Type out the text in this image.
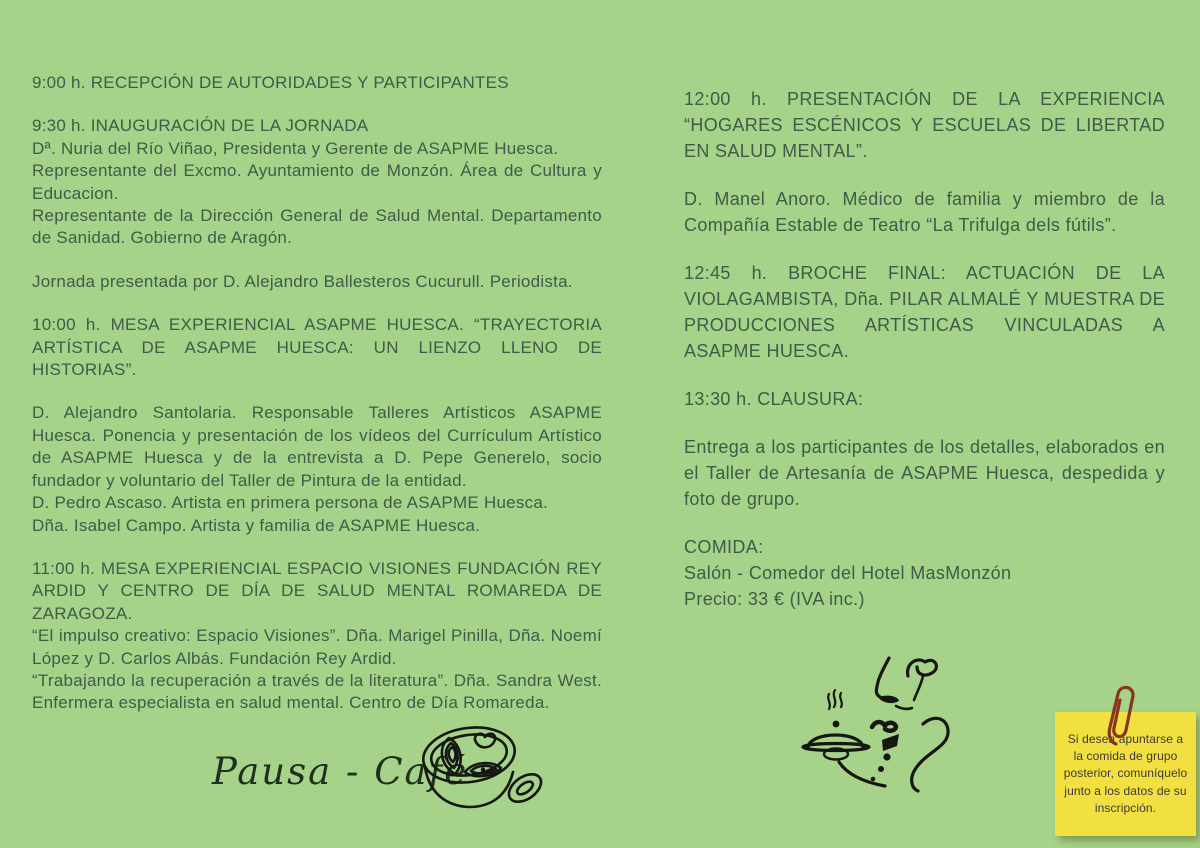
9:00 h. RECEPCIÓN DE AUTORIDADES Y PARTICIPANTES

9:30 h. INAUGURACIÓN DE LA JORNADA

Dª. Nuria del Río Viñao, Presidenta y Gerente de ASAPME Huesca.

Representante del Excmo. Ayuntamiento de Monzón. Área de Cultura y Educacion.

Representante de la Dirección General de Salud Mental. Departamento de Sanidad. Gobierno de Aragón.

Jornada presentada por D. Alejandro Ballesteros Cucurull. Periodista.

10:00 h. MESA EXPERIENCIAL ASAPME HUESCA. “TRAYECTORIA ARTÍSTICA DE ASAPME HUESCA: UN LIENZO LLENO DE HISTORIAS”.

D. Alejandro Santolaria. Responsable Talleres Artísticos ASAPME Huesca. Ponencia y presentación de los vídeos del Currículum Artístico de ASAPME Huesca y de la entrevista a D. Pepe Generelo, socio fundador y voluntario del Taller de Pintura de la entidad.

D. Pedro Ascaso. Artista en primera persona de ASAPME Huesca.

Dña. Isabel Campo. Artista y familia de ASAPME Huesca.

11:00 h. MESA EXPERIENCIAL ESPACIO VISIONES FUNDACIÓN REY ARDID Y CENTRO DE DÍA DE SALUD MENTAL ROMAREDA DE ZARAGOZA.

“El impulso creativo: Espacio Visiones”. Dña. Marigel Pinilla, Dña. Noemí López y D. Carlos Albás. Fundación Rey Ardid.

“Trabajando la recuperación a través de la literatura”. Dña. Sandra West. Enfermera especialista en salud mental. Centro de Día Romareda.

12:00 h. PRESENTACIÓN DE LA EXPERIENCIA “HOGARES ESCÉNICOS Y ESCUELAS DE LIBERTAD EN SALUD MENTAL”.

D. Manel Anoro. Médico de familia y miembro de la Compañía Estable de Teatro “La Trifulga dels fútils”.

12:45 h. BROCHE FINAL: ACTUACIÓN DE LA VIOLAGAMBISTA, Dña. PILAR ALMALÉ Y MUESTRA DE PRODUCCIONES ARTÍSTICAS VINCULADAS A ASAPME HUESCA.

13:30 h. CLAUSURA:

Entrega a los participantes de los detalles, elaborados en el Taller de Artesanía de ASAPME Huesca, despedida y foto de grupo.

COMIDA:

Salón - Comedor del Hotel MasMonzón

Precio: 33 € (IVA inc.)

Pausa - Café
Si desea apuntarse a la comida de grupo posterior, comuníquelo junto a los datos de su inscripción.
